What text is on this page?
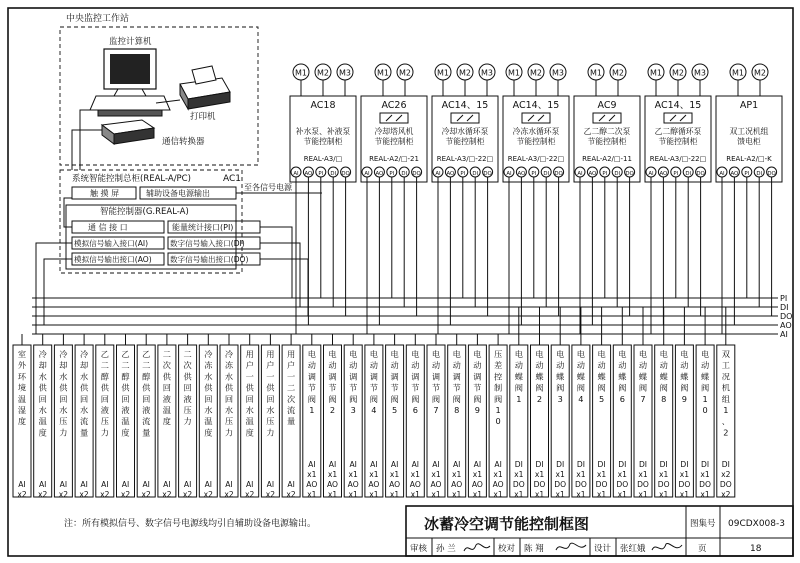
中央监控工作站
监控计算机
打印机
通信转换器
系统智能控制总柜(REAL-A/PC)	AC1
触 摸 屏	辅助设备电源输出
至各信号电源
智能控制器(G.REAL-A)
通 信 接 口	能量统计接口(PI)
模拟信号输入接口(AI)	数字信号输入接口(DI)
模拟信号输出接口(AO) 数字信号输出接口(DO)
PI
DI
DO
AO
AI
AC18
补水泵、补液泵
节能控制柜
REAL-A3/□
AI AO PI DI DO
M1 M2 M3
AC26
冷却塔风机
节能控制柜
REAL-A2/□-21
AI AO PI DI DO
M1 M2
AC14、15
冷却水循环泵
节能控制柜
REAL-A3/□-22□
AI AO PI DI DO
M1 M2 M3
AC14、15
冷冻水循环泵
节能控制柜
REAL-A3/□-22□
AI AO PI DI DO
M1 M2 M3
AC9
乙二醇二次泵
节能控制柜
REAL-A2/□-11
AI AO PI DI DO
M1 M2
AC14、15
乙二醇循环泵
节能控制柜
REAL-A3/□-22□
AI AO PI DI DO
M1 M2 M3
AP1
双工况机组
馈电柜
REAL-A2/□-K
AI AO PI DI DO
M1 M2
室外环境温湿度
AI x2
冷却水供回水温度
AI x2
冷却水供回水压力
AI x2
冷却水供回水流量
AI x2
乙二醇供回液压力
AI x2
乙二醇供回液温度
AI x2
乙二醇供回液流量
AI x2
二次供回液温度
AI x2
二次供回液压力
AI x2
冷冻水供回水温度
AI x2
冷冻水供回水压力
AI x2
用户一供回水温度
AI x2
用户一供回水压力
AI x2
用户一二次流量
AI x2
电动调节阀 1
AI x1 AO x1
电动调节阀 2
AI x1 AO x1
电动调节阀 3
AI x1 AO x1
电动调节阀 4
AI x1 AO x1
电动调节阀 5
AI x1 AO x1
电动调节阀 6
AI x1 AO x1
电动调节阀 7
AI x1 AO x1
电动调节阀 8
AI x1 AO x1
电动调节阀 9
AI x1 AO x1
压差控制阀 1 0
AI x1 AO x1
电动蝶阀 1
DI x1 DO x1
电动蝶阀 2
DI x1 DO x1
电动蝶阀 3
DI x1 DO x1
电动蝶阀 4
DI x1 DO x1
电动蝶阀 5
DI x1 DO x1
电动蝶阀 6
DI x1 DO x1
电动蝶阀 7
DI x1 DO x1
电动蝶阀 8
DI x1 DO x1
电动蝶阀 9
DI x1 DO x1
电动蝶阀 1 0
DI x1 DO x1
双工况机组 1 、 2
DI x2 DO x2
注：所有模拟信号、数字信号电源线均引自辅助设备电源输出。	冰蓄冷空调节能控制框图	图集号 09CDX008-3
审核 孙 兰	校对 陈 翔	设计 张红娥	页	18
